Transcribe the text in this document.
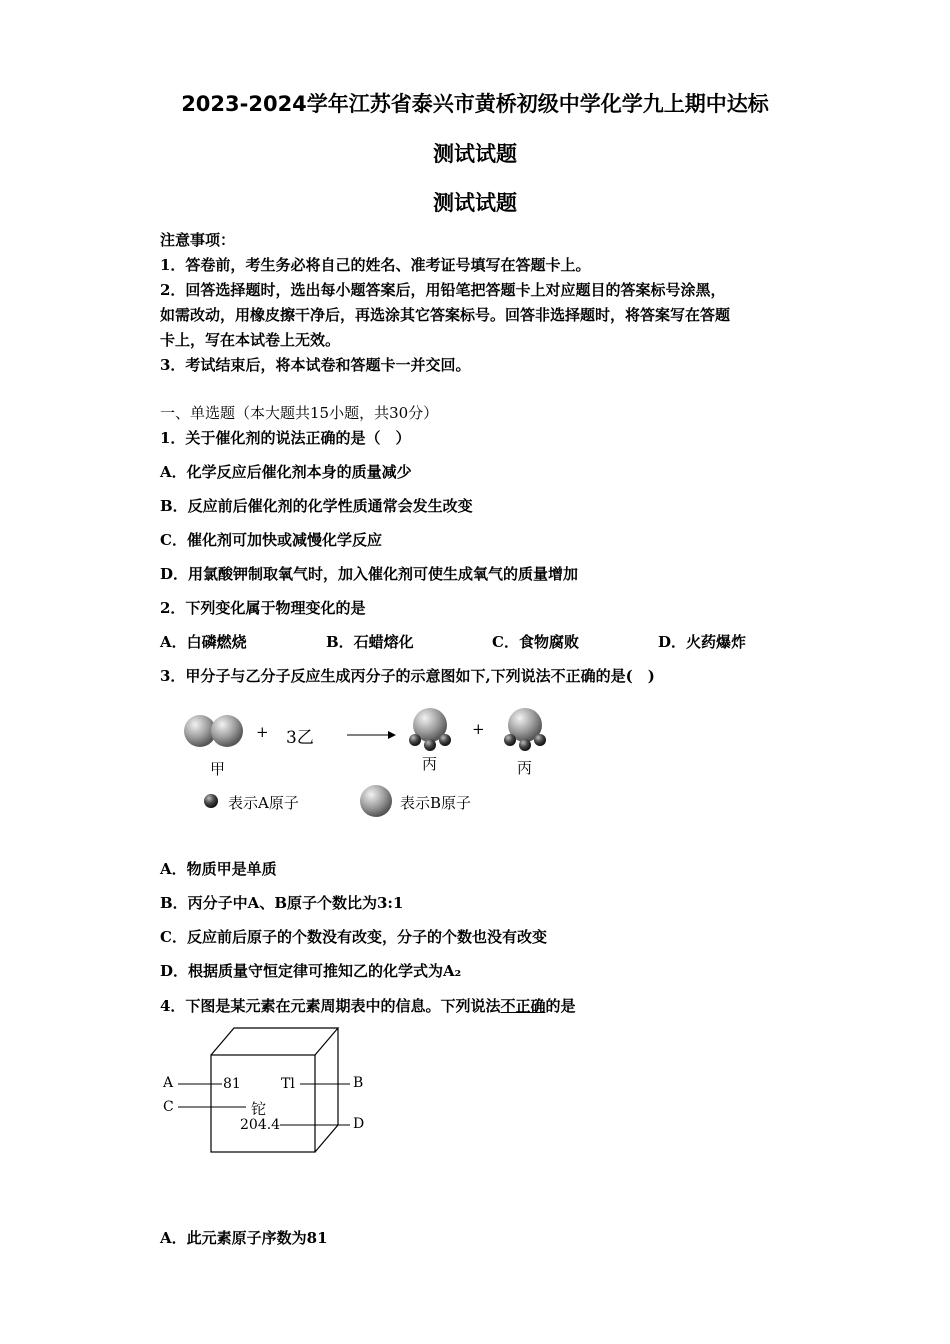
2023-2024学年江苏省泰兴市黄桥初级中学化学九上期中达标
测试试题
测试试题
注意事项：
1．答卷前，考生务必将自己的姓名、准考证号填写在答题卡上。
2．回答选择题时，选出每小题答案后，用铅笔把答题卡上对应题目的答案标号涂黑，
如需改动，用橡皮擦干净后，再选涂其它答案标号。回答非选择题时，将答案写在答题
卡上，写在本试卷上无效。
3．考试结束后，将本试卷和答题卡一并交回。
一、单选题（本大题共15小题，共30分）
1．关于催化剂的说法正确的是（　）
A．化学反应后催化剂本身的质量减少
B．反应前后催化剂的化学性质通常会发生改变
C．催化剂可加快或减慢化学反应
D．用氯酸钾制取氧气时，加入催化剂可使生成氧气的质量增加
2．下列变化属于物理变化的是
A．白磷燃烧	B．石蜡熔化	C．食物腐败	D．火药爆炸
3．甲分子与乙分子反应生成丙分子的示意图如下,下列说法不正确的是(　)
+ 3乙	+
甲	丙	丙
表示A原子	表示B原子
A．物质甲是单质
B．丙分子中A、B原子个数比为3:1
C．反应前后原子的个数没有改变，分子的个数也没有改变
D．根据质量守恒定律可推知乙的化学式为A₂
4．下图是某元素在元素周期表中的信息。下列说法不正确的是
A	B
C
D
81	Tl
铊
204.4
A．此元素原子序数为81
